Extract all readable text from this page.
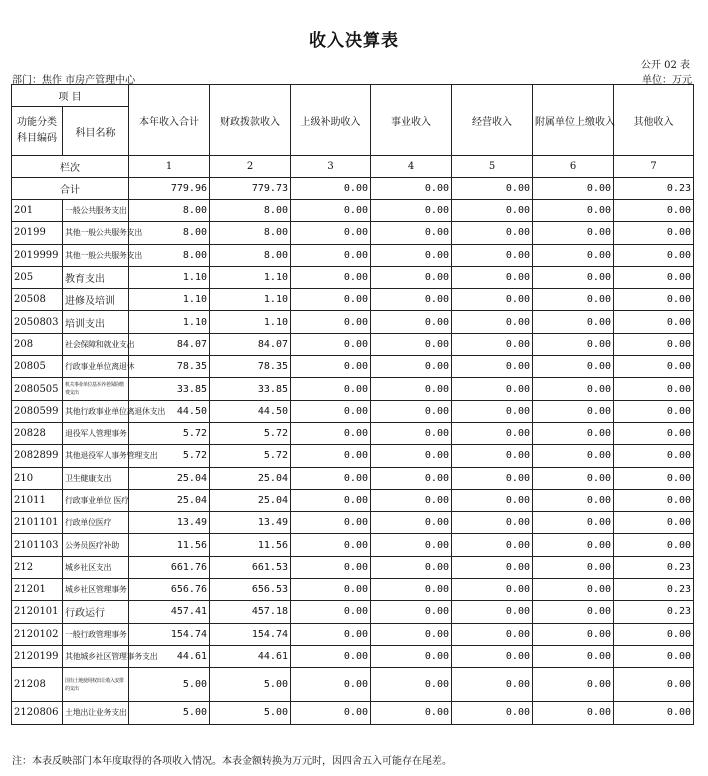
收入决算表
公开 02 表
部门：焦作 市房产管理中心	单位：万元
项 目		本年收入合计	财政拨款收入	上级补助收入	事业收入	经营收入	附属单位上缴收入	其他收入
功能分类科目编码	科目名称							
栏次		1	2	3	4	5	6	7
合计		779.96	779.73	0.00	0.00	0.00	0.00	0.23
201	一般公共服务支出	8.00	8.00	0.00	0.00	0.00	0.00	0.00
20199	其他一般公共服务支出	8.00	8.00	0.00	0.00	0.00	0.00	0.00
2019999	其他一般公共服务支出	8.00	8.00	0.00	0.00	0.00	0.00	0.00
205	教育支出	1.10	1.10	0.00	0.00	0.00	0.00	0.00
20508	进修及培训	1.10	1.10	0.00	0.00	0.00	0.00	0.00
2050803	培训支出	1.10	1.10	0.00	0.00	0.00	0.00	0.00
208	社会保障和就业支出	84.07	84.07	0.00	0.00	0.00	0.00	0.00
20805	行政事业单位离退休	78.35	78.35	0.00	0.00	0.00	0.00	0.00
2080505	机关事业单位基本养老保险缴费支出	33.85	33.85	0.00	0.00	0.00	0.00	0.00
2080599	其他行政事业单位离退休支出	44.50	44.50	0.00	0.00	0.00	0.00	0.00
20828	退役军人管理事务	5.72	5.72	0.00	0.00	0.00	0.00	0.00
2082899	其他退役军人事务管理支出	5.72	5.72	0.00	0.00	0.00	0.00	0.00
210	卫生健康支出	25.04	25.04	0.00	0.00	0.00	0.00	0.00
21011	行政事业单位 医疗	25.04	25.04	0.00	0.00	0.00	0.00	0.00
2101101	行政单位医疗	13.49	13.49	0.00	0.00	0.00	0.00	0.00
2101103	公务员医疗补助	11.56	11.56	0.00	0.00	0.00	0.00	0.00
212	城乡社区支出	661.76	661.53	0.00	0.00	0.00	0.00	0.23
21201	城乡社区管理事务	656.76	656.53	0.00	0.00	0.00	0.00	0.23
2120101	行政运行	457.41	457.18	0.00	0.00	0.00	0.00	0.23
2120102	一般行政管理事务	154.74	154.74	0.00	0.00	0.00	0.00	0.00
2120199	其他城乡社区管理事务支出	44.61	44.61	0.00	0.00	0.00	0.00	0.00
21208	国有土地使用权出让收入安排的支出	5.00	5.00	0.00	0.00	0.00	0.00	0.00
2120806	土地出让业务支出	5.00	5.00	0.00	0.00	0.00	0.00	0.00
注：本表反映部门本年度取得的各项收入情况。本表金额转换为万元时，因四舍五入可能存在尾差。
